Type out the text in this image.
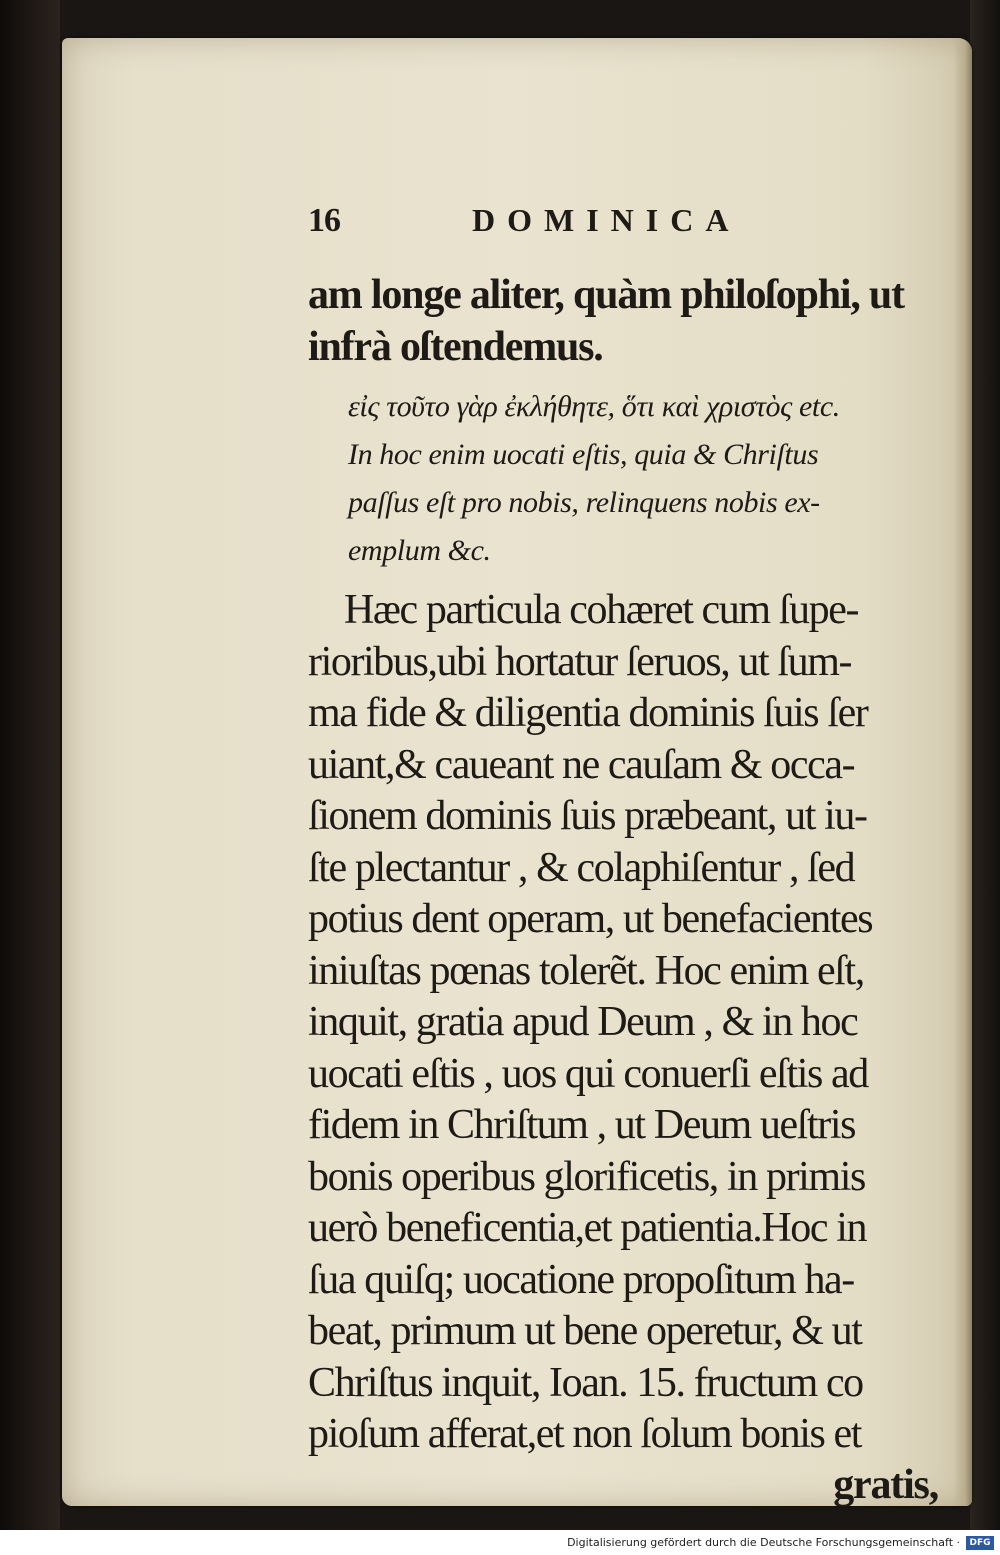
16	DOMINICA
am longe aliter, quàm philoſophi, ut
infrà oſtendemus.
εἰς τοῦτο γὰρ ἐκλήθητε, ὅτι καὶ χριστὸς etc.
In hoc enim uocati eſtis, quia & Chriſtus
paſſus eſt pro nobis, relinquens nobis ex-
emplum &c.
Hæc particula cohæret cum ſupe-
rioribus,ubi hortatur ſeruos, ut ſum-
ma fide & diligentia dominis ſuis ſer
uiant,& caueant ne cauſam & occa-
ſionem dominis ſuis præbeant, ut iu-
ſte plectantur , & colaphiſentur , ſed
potius dent operam, ut benefacientes
iniuſtas pœnas tolerẽt. Hoc enim eſt,
inquit, gratia apud Deum , & in hoc
uocati eſtis , uos qui conuerſi eſtis ad
fidem in Chriſtum , ut Deum ueſtris
bonis operibus glorificetis, in primis
uerò beneficentia,et patientia.Hoc in
ſua quiſq; uocatione propoſitum ha-
beat, primum ut bene operetur, & ut
Chriſtus inquit, Ioan. 15. fructum co
pioſum afferat,et non ſolum bonis et
gratis,
Digitalisierung gefördert durch die Deutsche Forschungsgemeinschaft ·	DFG
